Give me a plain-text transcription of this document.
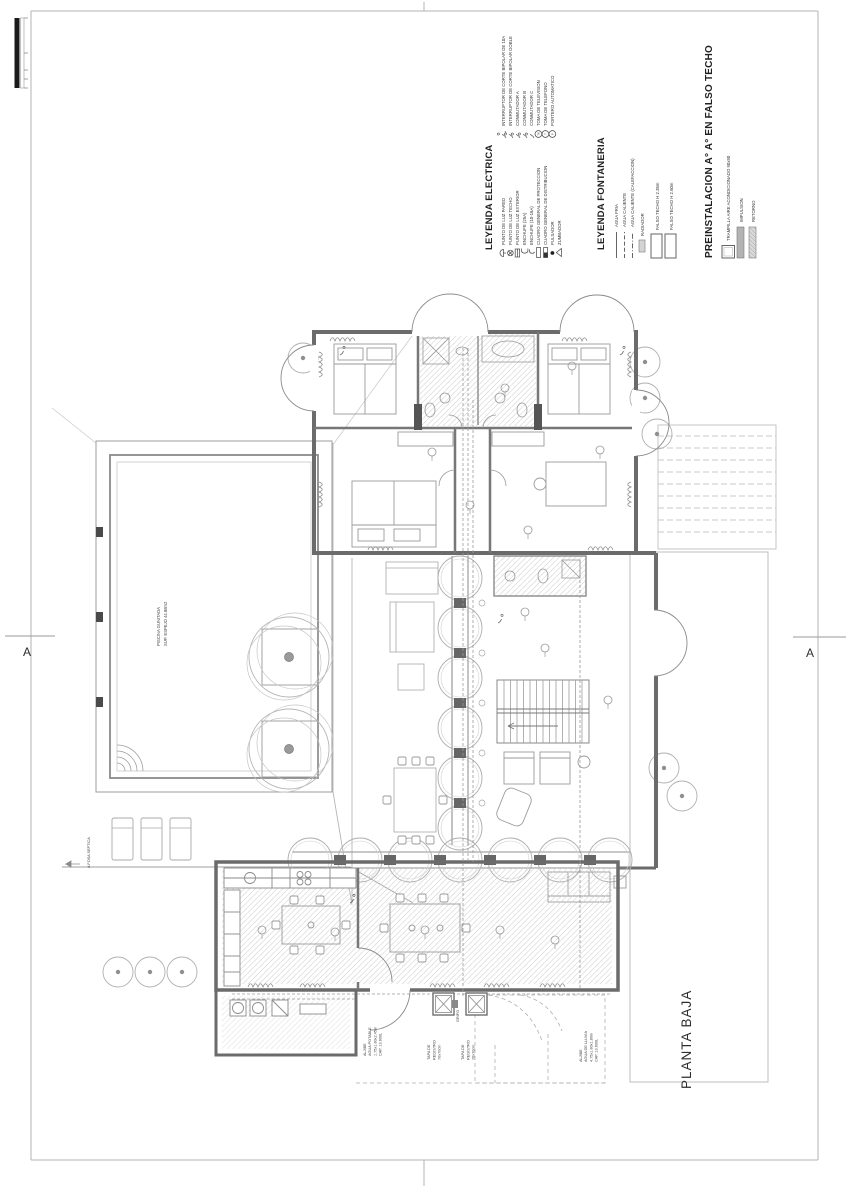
A	A
LEYENDA ELECTRICA PUNTO DE LUZ PARED PUNTO DE LUZ TECHO PUNTO DE LUZ EXTERIOR ENCHUFE (25A) ENCHUFE (10-16A) CUADRO GENERAL DE PROTECCION CUADRO GENERAL DE DISTRIBUCION PULSADOR ZUMBADOR
INTERRUPTOR DE CORTE BIPOLAR DE 10A INTERRUPTOR DE CORTE BIPOLAR DOBLE CONMUTADOR A CONMUTADOR B CONMUTADOR C
TV
TOMA DE TELEVISION
T
TOMA DE TELEFONO
P
PORTERO AUTOMATICO
LEYENDA FONTANERIA AGUA FRIA AGUA CALIENTE AGUA CALIENTE (CALEFACCION) RADIADOR FALSO TECHO H 2.35m FALSO TECHO H 2.60m	PREINSTALACION A° A° EN FALSO TECHO	TRAMPILLA AIRE ACONDICIONADO 90x90 IMPULSION RETORNO
PISCINA GUNITADA SUP. ESPEJO 44.88m2
A FOSA SEPTICA
ALJIBE AGUA POTABLE 1.75x1.80x2.45m CAP. 13.600L	TAPA DE REGISTRO 70x70cm	TAPA DE REGISTRO 70x70cm
GRIFO
ALJIBE AGUA DE LLUVIA 4.75x1.80x1.80m CAP. 13.600L	PLANTA BAJA
